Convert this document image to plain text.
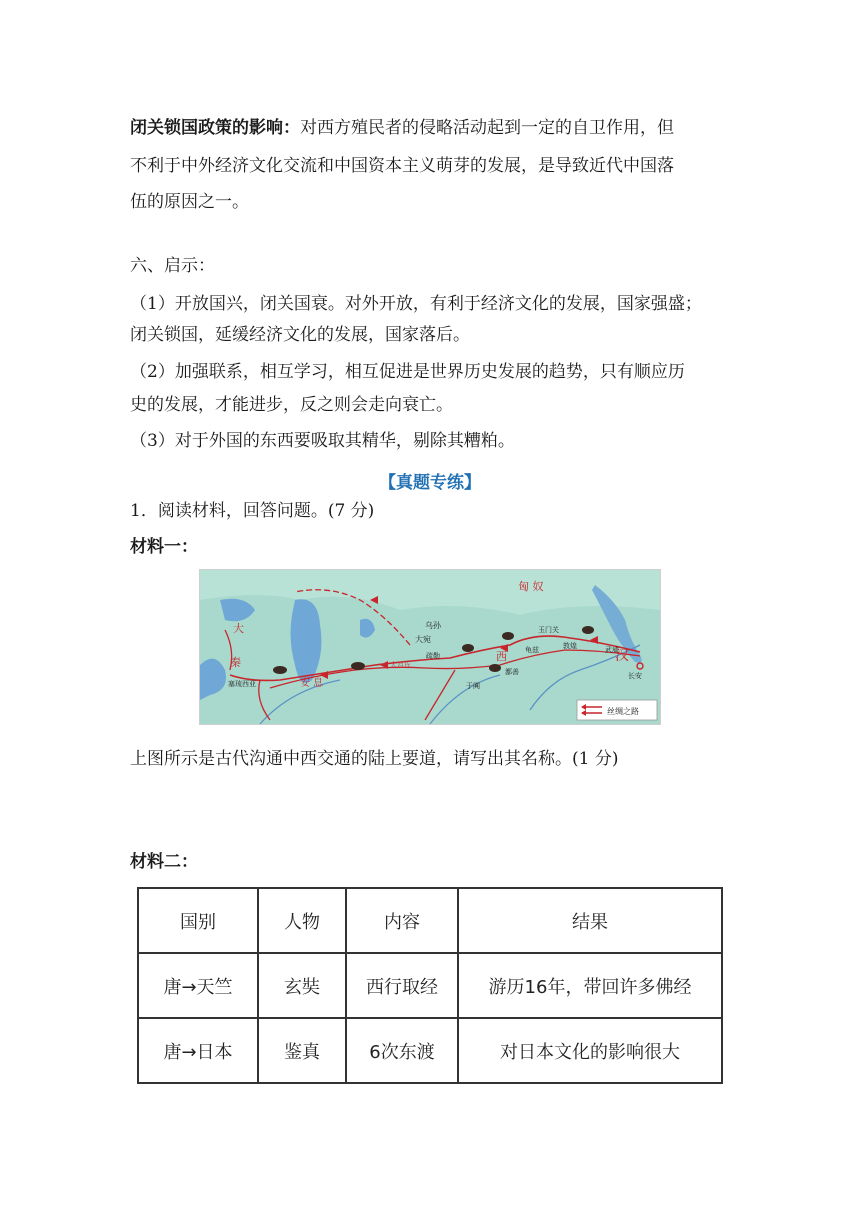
闭关锁国政策的影响：对西方殖民者的侵略活动起到一定的自卫作用，但
不利于中外经济文化交流和中国资本主义萌芽的发展，是导致近代中国落
伍的原因之一。
六、启示：
（1）开放国兴，闭关国衰。对外开放，有利于经济文化的发展，国家强盛；
闭关锁国，延缓经济文化的发展，国家落后。
（2）加强联系，相互学习，相互促进是世界历史发展的趋势，只有顺应历
史的发展，才能进步，反之则会走向衰亡。
（3）对于外国的东西要吸取其精华，剔除其糟粕。
【真题专练】
1．阅读材料，回答问题。(7 分)
材料一：
匈 奴
乌孙
大宛
大月氏
疏勒
龟兹
西
玉门关
敦煌	武威
汉
长安
大
秦
安 息	于阗
鄯善
塞琉西亚
丝绸之路
上图所示是古代沟通中西交通的陆上要道，请写出其名称。(1 分)
材料二：
国别	人物	内容	结果
唐→天竺	玄奘	西行取经	游历16年，带回许多佛经
唐→日本	鉴真	6次东渡	对日本文化的影响很大
